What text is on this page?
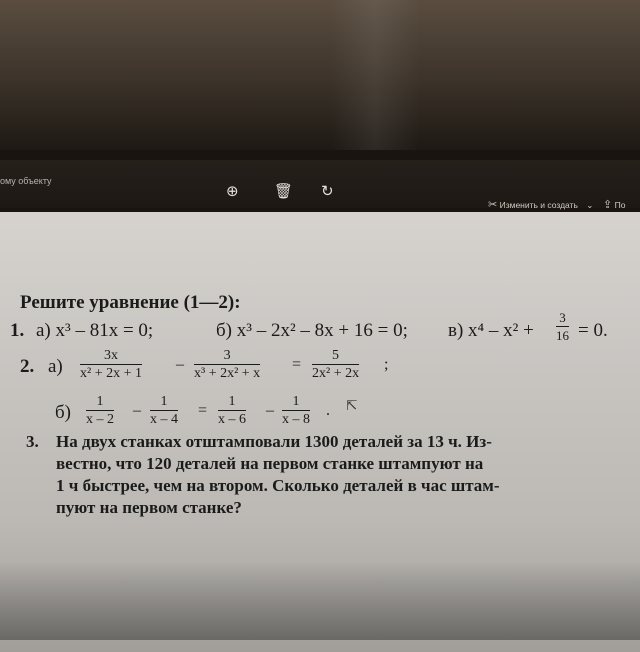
ому объекту
⊕ 🗑 ↻
✂ Изменить и создать ⌄ ⇪ По
Решите уравнение (1—2):
1. а) x³ – 81x = 0;	б) x³ – 2x² – 8x + 16 = 0; в) $x^4 - x^2 + \frac{3}{16} = 0$.
2. $а) \frac{3x}{\text{x² + 2x + 1}} - \frac{3}{\text{x³ + 2x² + x}} = \frac{5}{\text{2x² + 2x}}$ ;
$б) \frac{1}{x - 2} - \frac{1}{x - 4} = \frac{1}{x - 6} - \frac{1}{x - 8}$ . ⇱
3. На двух станках отштамповали 1300 деталей за 13 ч. Из-
вестно, что 120 деталей на первом станке штампуют на
1 ч быстрее, чем на втором. Сколько деталей в час штам-
пуют на первом станке?
